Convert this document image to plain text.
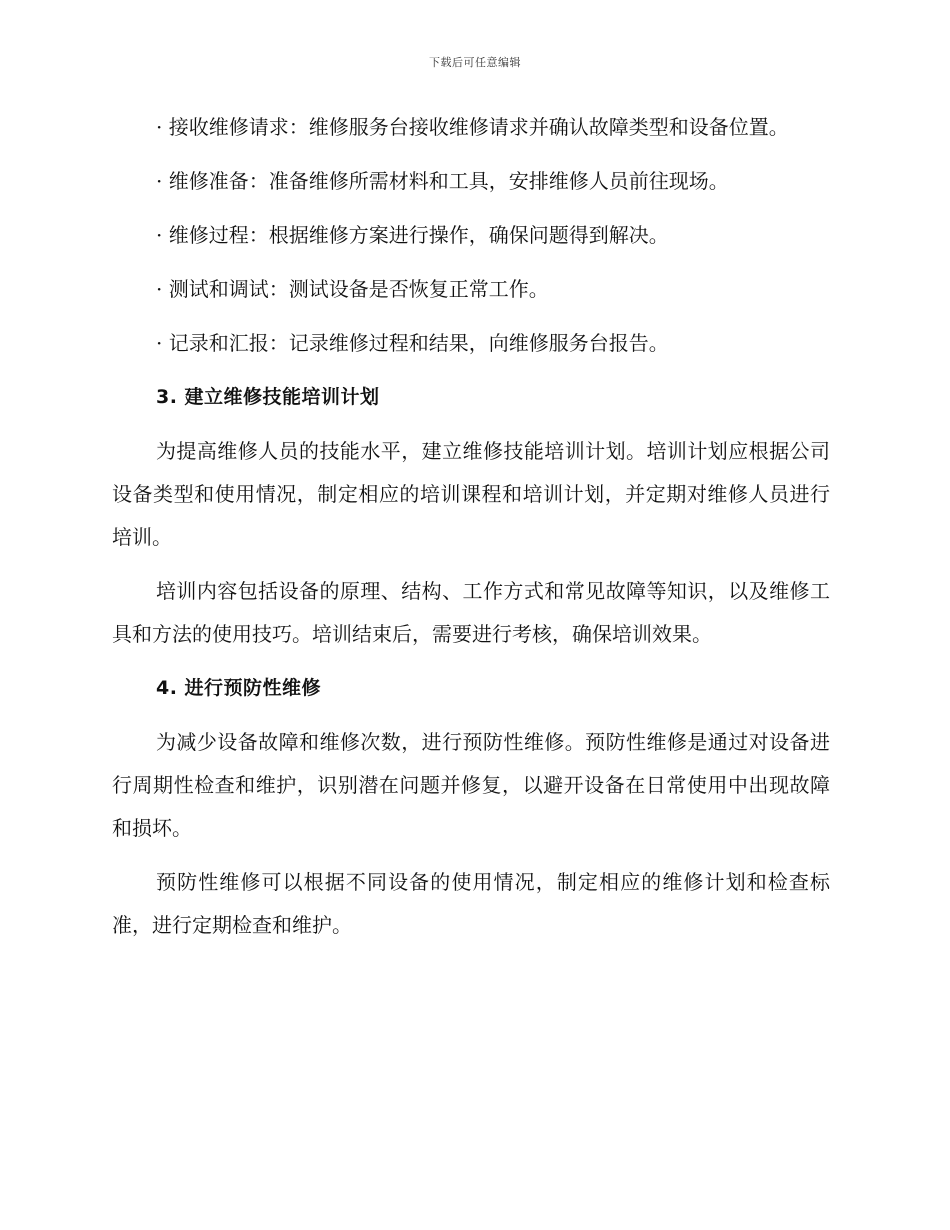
下载后可任意编辑

· 接收维修请求：维修服务台接收维修请求并确认故障类型和设备位置。

· 维修准备：准备维修所需材料和工具，安排维修人员前往现场。

· 维修过程：根据维修方案进行操作，确保问题得到解决。

· 测试和调试：测试设备是否恢复正常工作。

· 记录和汇报：记录维修过程和结果，向维修服务台报告。

3. 建立维修技能培训计划

为提高维修人员的技能水平，建立维修技能培训计划。培训计划应根据公司设备类型和使用情况，制定相应的培训课程和培训计划，并定期对维修人员进行培训。

培训内容包括设备的原理、结构、工作方式和常见故障等知识，以及维修工具和方法的使用技巧。培训结束后，需要进行考核，确保培训效果。

4. 进行预防性维修

为减少设备故障和维修次数，进行预防性维修。预防性维修是通过对设备进行周期性检查和维护，识别潜在问题并修复，以避开设备在日常使用中出现故障和损坏。

预防性维修可以根据不同设备的使用情况，制定相应的维修计划和检查标准，进行定期检查和维护。
